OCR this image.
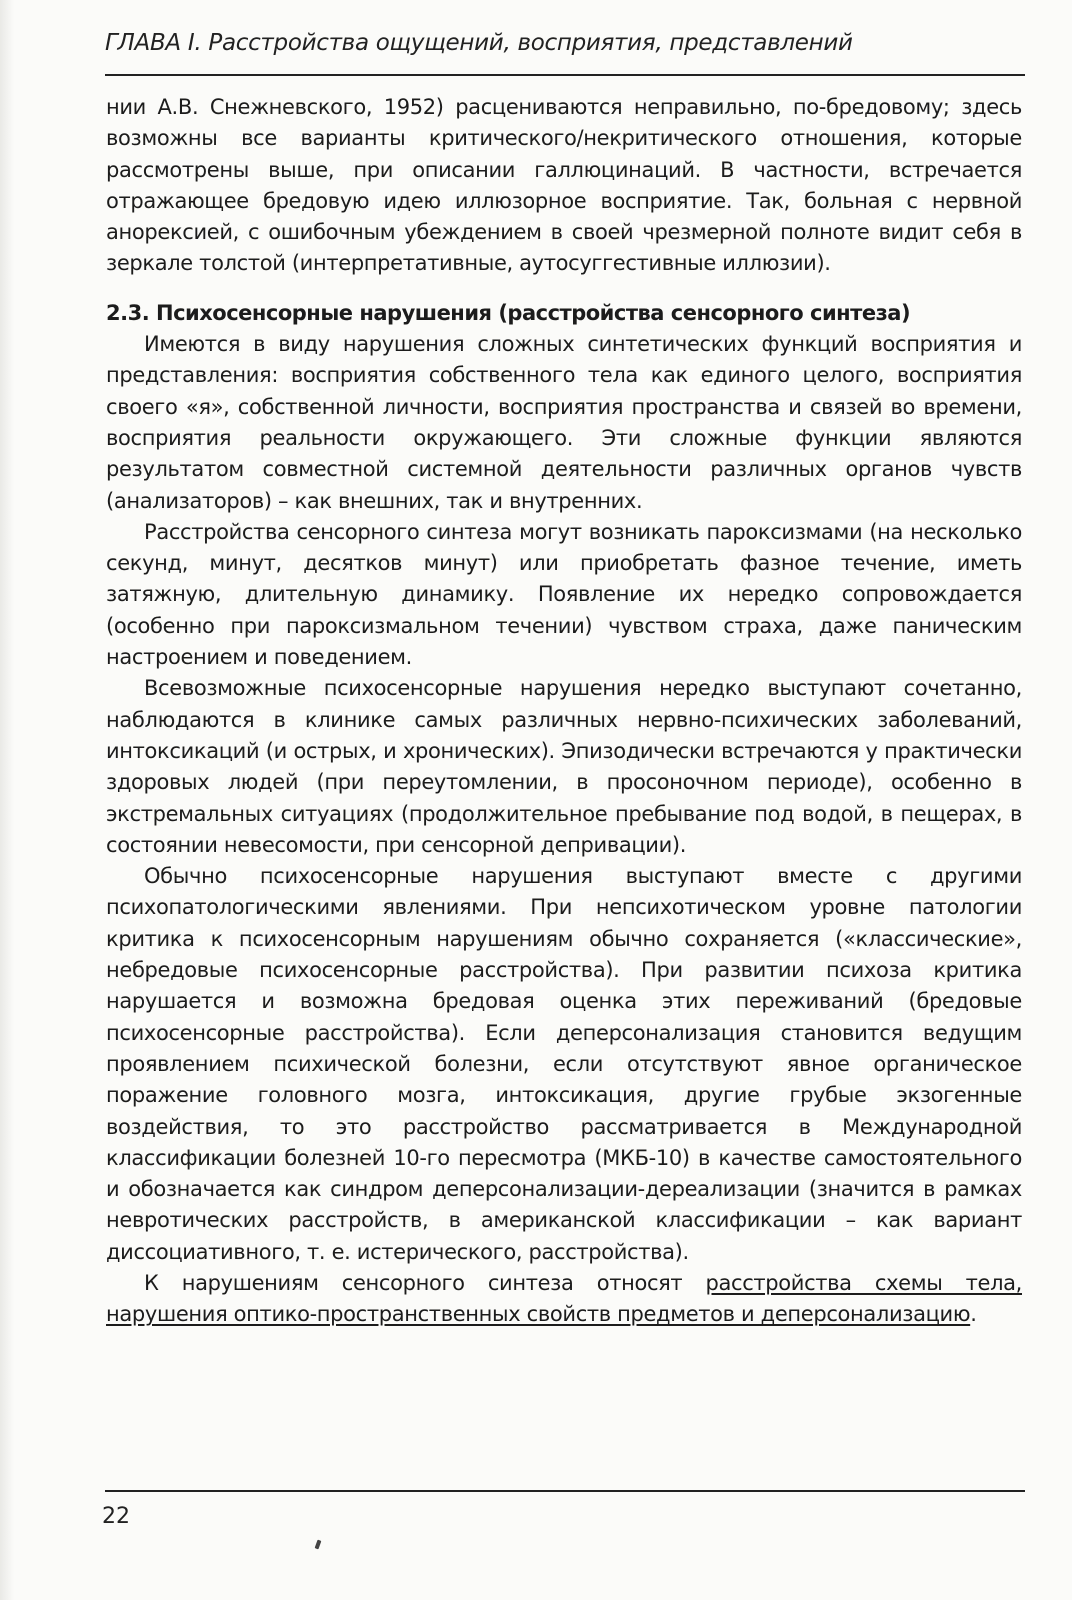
ГЛАВА I. Расстройства ощущений, восприятия, представлений

нии А.В. Снежневского, 1952) расцениваются неправильно, по-бредовому; здесь возможны все варианты критического/некритического отношения, которые рассмотрены выше, при описании галлюцинаций. В частности, встречается отражающее бредовую идею иллюзорное восприятие. Так, больная с нервной анорексией, с ошибочным убеждением в своей чрезмерной полноте видит себя в зеркале толстой (интерпретативные, аутосуггестивные иллюзии).

2.3. Психосенсорные нарушения (расстройства сенсорного синтеза)

Имеются в виду нарушения сложных синтетических функций восприятия и представления: восприятия собственного тела как единого целого, восприятия своего «я», собственной личности, восприятия пространства и связей во времени, восприятия реальности окружающего. Эти сложные функции являются результатом совместной системной деятельности различных органов чувств (анализаторов) – как внешних, так и внутренних.

Расстройства сенсорного синтеза могут возникать пароксизмами (на несколько секунд, минут, десятков минут) или приобретать фазное течение, иметь затяжную, длительную динамику. Появление их нередко сопровождается (особенно при пароксизмальном течении) чувством страха, даже паническим настроением и поведением.

Всевозможные психосенсорные нарушения нередко выступают сочетанно, наблюдаются в клинике самых различных нервно-психических заболеваний, интоксикаций (и острых, и хронических). Эпизодически встречаются у практически здоровых людей (при переутомлении, в просоночном периоде), особенно в экстремальных ситуациях (продолжительное пребывание под водой, в пещерах, в состоянии невесомости, при сенсорной депривации).

Обычно психосенсорные нарушения выступают вместе с другими психопатологическими явлениями. При непсихотическом уровне патологии критика к психосенсорным нарушениям обычно сохраняется («классические», небредовые психосенсорные расстройства). При развитии психоза критика нарушается и возможна бредовая оценка этих переживаний (бредовые психосенсорные расстройства). Если деперсонализация становится ведущим проявлением психической болезни, если отсутствуют явное органическое поражение головного мозга, интоксикация, другие грубые экзогенные воздействия, то это расстройство рассматривается в Международной классификации болезней 10-го пересмотра (МКБ-10) в качестве самостоятельного и обозначается как синдром деперсонализации-дереализации (значится в рамках невротических расстройств, в американской классификации – как вариант диссоциативного, т. е. истерического, расстройства).

К нарушениям сенсорного синтеза относят расстройства схемы тела, нарушения оптико-пространственных свойств предметов и деперсонализацию.

22
